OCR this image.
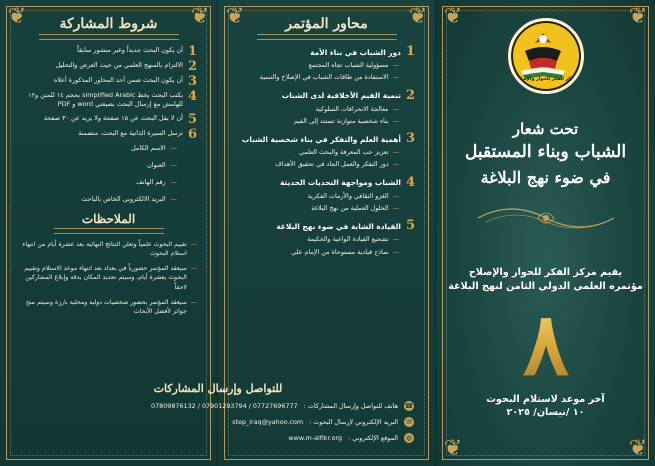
❦	❦
شروط المشاركة
1
أن يكون البحث جديداً وغير منشور سابقاً
2
الالتزام بالمنهج العلمي من حيث العرض والتحليل
3
أن يكون البحث ضمن أحد المحاور المذكورة أعلاه
4
يكتب البحث بخط simplified Arabic بحجم ١٤ للمتن و١٢ للهامش مع إرسال البحث بصيغتي word و PDF
5
أن لا يقل البحث عن ١٥ صفحة ولا يزيد عن ٣٠ صفحة
6
ترسل السيرة الذاتية مع البحث، متضمنة
—
الاسم الكامل
—
العنوان
—
رقم الهاتف
—
البريد الالكتروني الخاص بالباحث
الملاحظات
—
تقييم البحوث علمياً وتعلن النتائج النهائية بعد عشرة أيام من انتهاء استلام البحوث
—
سيعقد المؤتمر حضورياً في بغداد بعد انتهاء موعد الاستلام وتقييم البحوث بعشرة أيام، وسيتم تحديد المكان بدقة وإبلاغ المشاركين لاحقاً
—
سيعقد المؤتمر بحضور شخصيات دولية ومحلية بارزة وسيتم منح جوائز لأفضل الأبحاث
❦	❦
محاور المؤتمر
1
دور الشباب في بناء الأمة
—
مسؤولية الشباب تجاه المجتمع
—
الاستفادة من طاقات الشباب في الإصلاح والتنمية
2
تنمية القيم الأخلاقية لدى الشباب
—
معالجة الانحرافات السلوكية
—
بناء شخصية متوازنة تستند إلى القيم
3
أهمية العلم والتفكر في بناء شخصية الشباب
—
تعزيز حب المعرفة والبحث العلمي
—
دور التفكر والعمل الجاد في تحقيق الأهداف
4
الشباب ومواجهة التحديات الحديثة
—
الغزو الثقافي والأزمات الفكرية
—
الحلول العملية من نهج البلاغة
5
القيادة الشابة في ضوء نهج البلاغة
—
تشجيع القيادة الواعية والحكيمة
—
نماذج قيادية مستوحاة من الإمام علي
للتواصل وإرسال المشاركات
☎
هاتف للتواصل وإرسال المشاركات :
07809876132 / 07901293794 / 07727696777
✉
البريد الإلكتروني لإرسال البحوث :
step_iraq@yahoo.com
◍
الموقع الإلكتروني :
www.m-alfikr.org
❦	❦
❦	❦
مركز الفكر للحوار والإصلاح
تحت شعار
الشباب وبناء المستقبل
في ضوء نهج البلاغة
يقيم مركز الفكر للحوار والإصلاح
مؤتمره العلمي الدولي الثامن لنهج البلاغة
٨
آخر موعد لاستلام البحوث
١٠ /نيسان/ ٢٠٢٥
